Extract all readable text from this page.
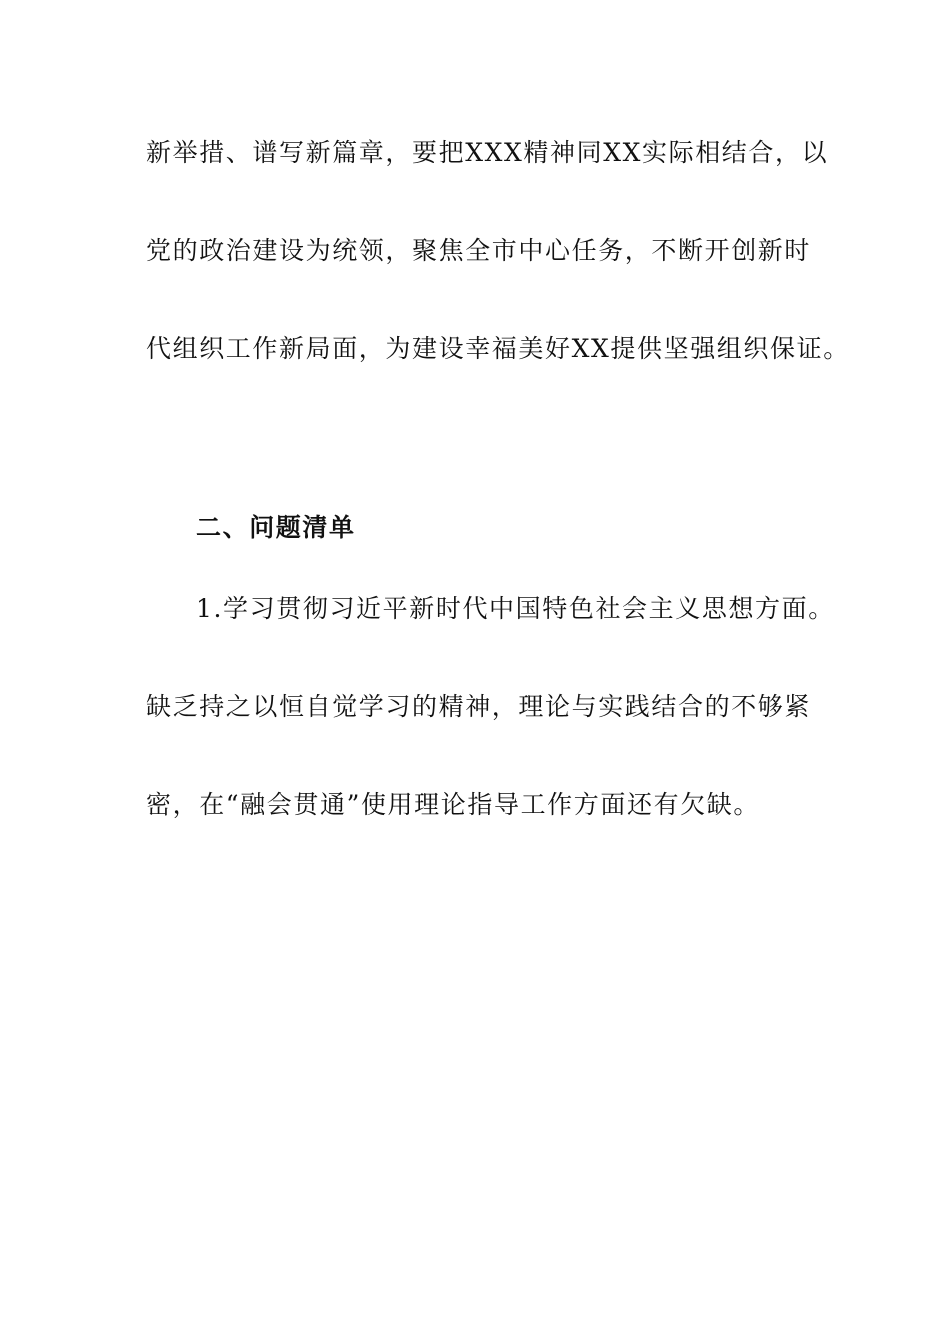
新举措、谱写新篇章，要把XXX精神同XX实际相结合，以
党的政治建设为统领，聚焦全市中心任务，不断开创新时
代组织工作新局面，为建设幸福美好XX提供坚强组织保证。
二、问题清单
1.学习贯彻习近平新时代中国特色社会主义思想方面。
缺乏持之以恒自觉学习的精神，理论与实践结合的不够紧
密，在“融会贯通”使用理论指导工作方面还有欠缺。
